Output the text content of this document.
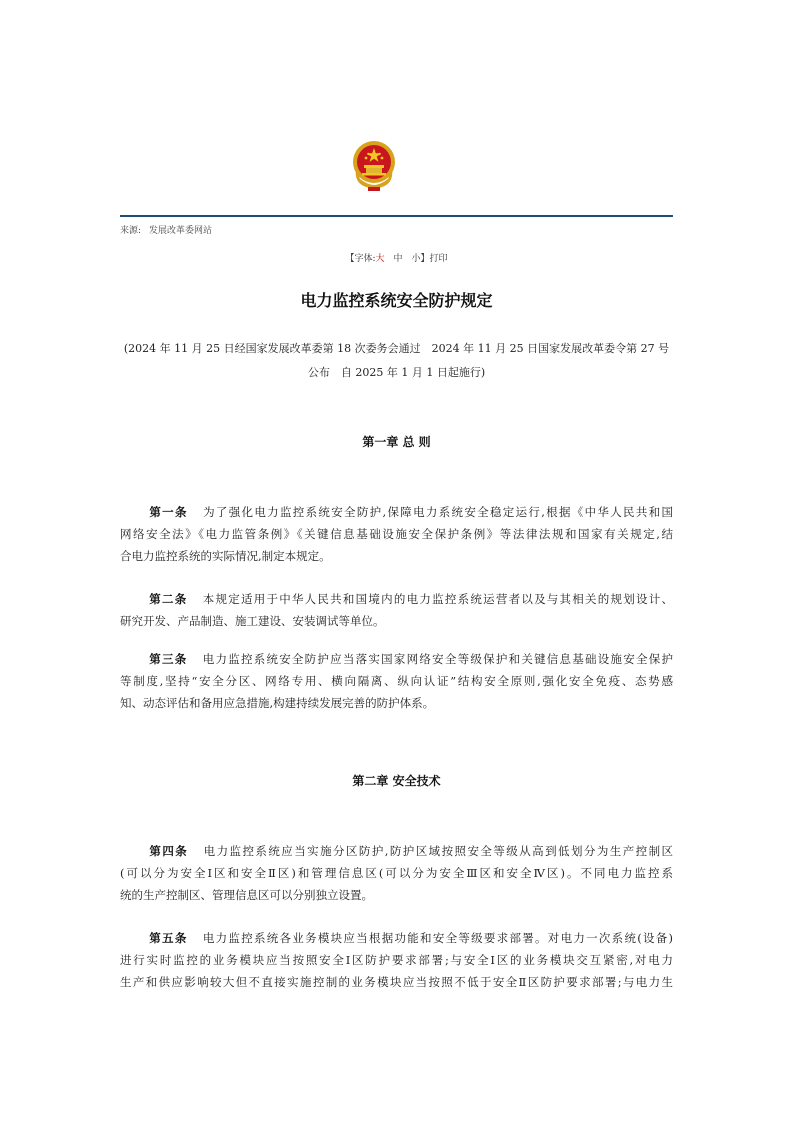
来源: 发展改革委网站
【字体:大 中 小】打印
电力监控系统安全防护规定
(2024 年 11 月 25 日经国家发展改革委第 18 次委务会通过　2024 年 11 月 25 日国家发展改革委令第 27 号
公布　自 2025 年 1 月 1 日起施行)
第一章 总 则
第一条 为了强化电力监控系统安全防护,保障电力系统安全稳定运行,根据《中华人民共和国
网络安全法》《电力监管条例》《关键信息基础设施安全保护条例》等法律法规和国家有关规定,结
合电力监控系统的实际情况,制定本规定。
第二条 本规定适用于中华人民共和国境内的电力监控系统运营者以及与其相关的规划设计、
研究开发、产品制造、施工建设、安装调试等单位。
第三条 电力监控系统安全防护应当落实国家网络安全等级保护和关键信息基础设施安全保护
等制度,坚持“安全分区、网络专用、横向隔离、纵向认证”结构安全原则,强化安全免疫、态势感
知、动态评估和备用应急措施,构建持续发展完善的防护体系。
第二章 安全技术
第四条 电力监控系统应当实施分区防护,防护区域按照安全等级从高到低划分为生产控制区
(可以分为安全Ⅰ区和安全Ⅱ区)和管理信息区(可以分为安全Ⅲ区和安全Ⅳ区)。不同电力监控系
统的生产控制区、管理信息区可以分别独立设置。
第五条 电力监控系统各业务模块应当根据功能和安全等级要求部署。对电力一次系统(设备)
进行实时监控的业务模块应当按照安全Ⅰ区防护要求部署;与安全Ⅰ区的业务模块交互紧密,对电力
生产和供应影响较大但不直接实施控制的业务模块应当按照不低于安全Ⅱ区防护要求部署;与电力生
